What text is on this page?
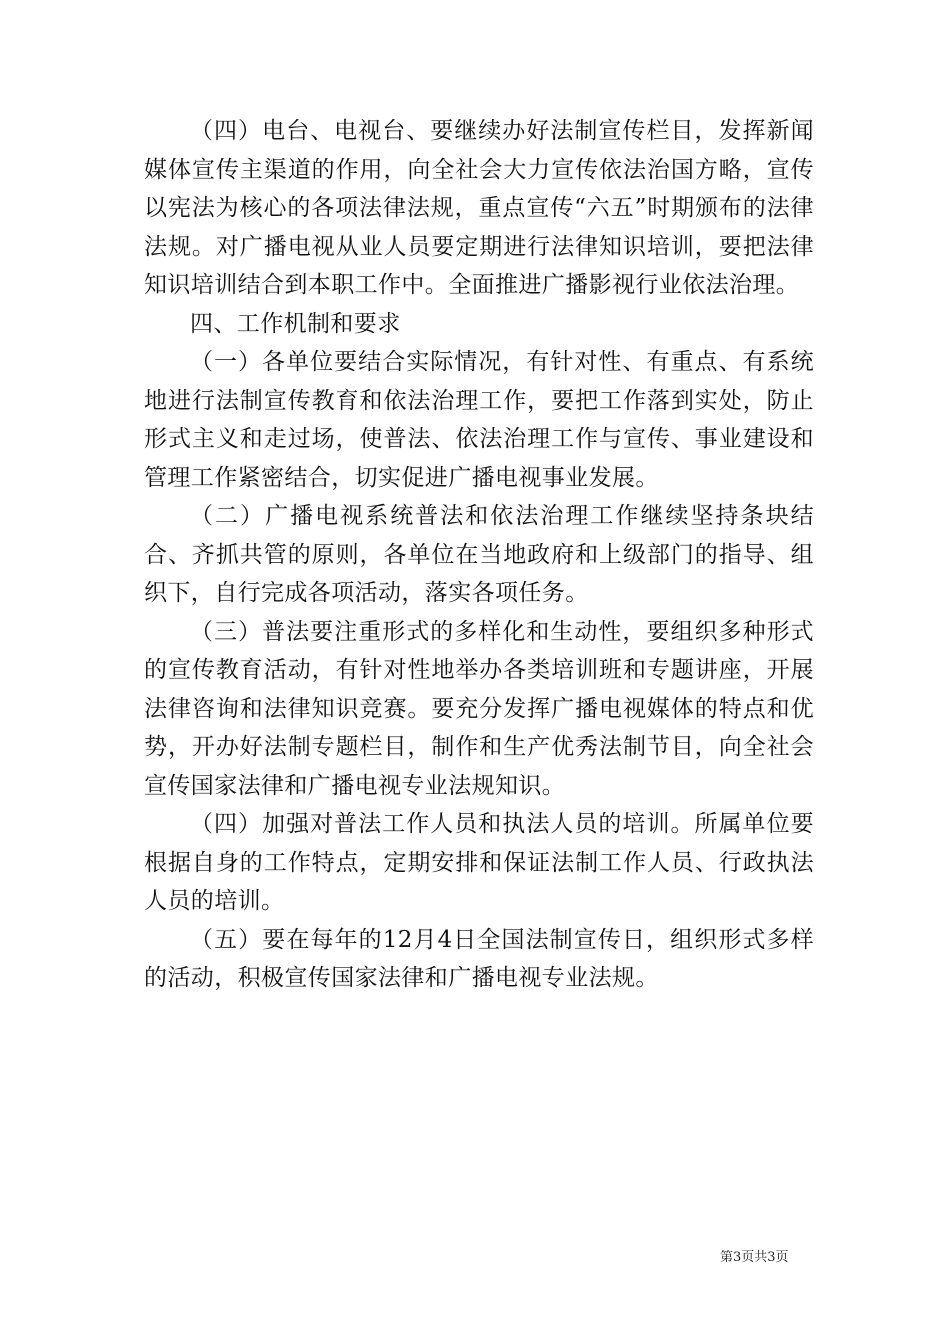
（四）电台、电视台、要继续办好法制宣传栏目，发挥新闻媒体宣传主渠道的作用，向全社会大力宣传依法治国方略，宣传以宪法为核心的各项法律法规，重点宣传“六五”时期颁布的法律法规。对广播电视从业人员要定期进行法律知识培训，要把法律知识培训结合到本职工作中。全面推进广播影视行业依法治理。

四、工作机制和要求

（一）各单位要结合实际情况，有针对性、有重点、有系统地进行法制宣传教育和依法治理工作，要把工作落到实处，防止形式主义和走过场，使普法、依法治理工作与宣传、事业建设和管理工作紧密结合，切实促进广播电视事业发展。

（二）广播电视系统普法和依法治理工作继续坚持条块结合、齐抓共管的原则，各单位在当地政府和上级部门的指导、组织下，自行完成各项活动，落实各项任务。

（三）普法要注重形式的多样化和生动性，要组织多种形式的宣传教育活动，有针对性地举办各类培训班和专题讲座，开展法律咨询和法律知识竞赛。要充分发挥广播电视媒体的特点和优势，开办好法制专题栏目，制作和生产优秀法制节目，向全社会宣传国家法律和广播电视专业法规知识。

（四）加强对普法工作人员和执法人员的培训。所属单位要根据自身的工作特点，定期安排和保证法制工作人员、行政执法人员的培训。

（五）要在每年的12月4日全国法制宣传日，组织形式多样的活动，积极宣传国家法律和广播电视专业法规。

第3页共3页
